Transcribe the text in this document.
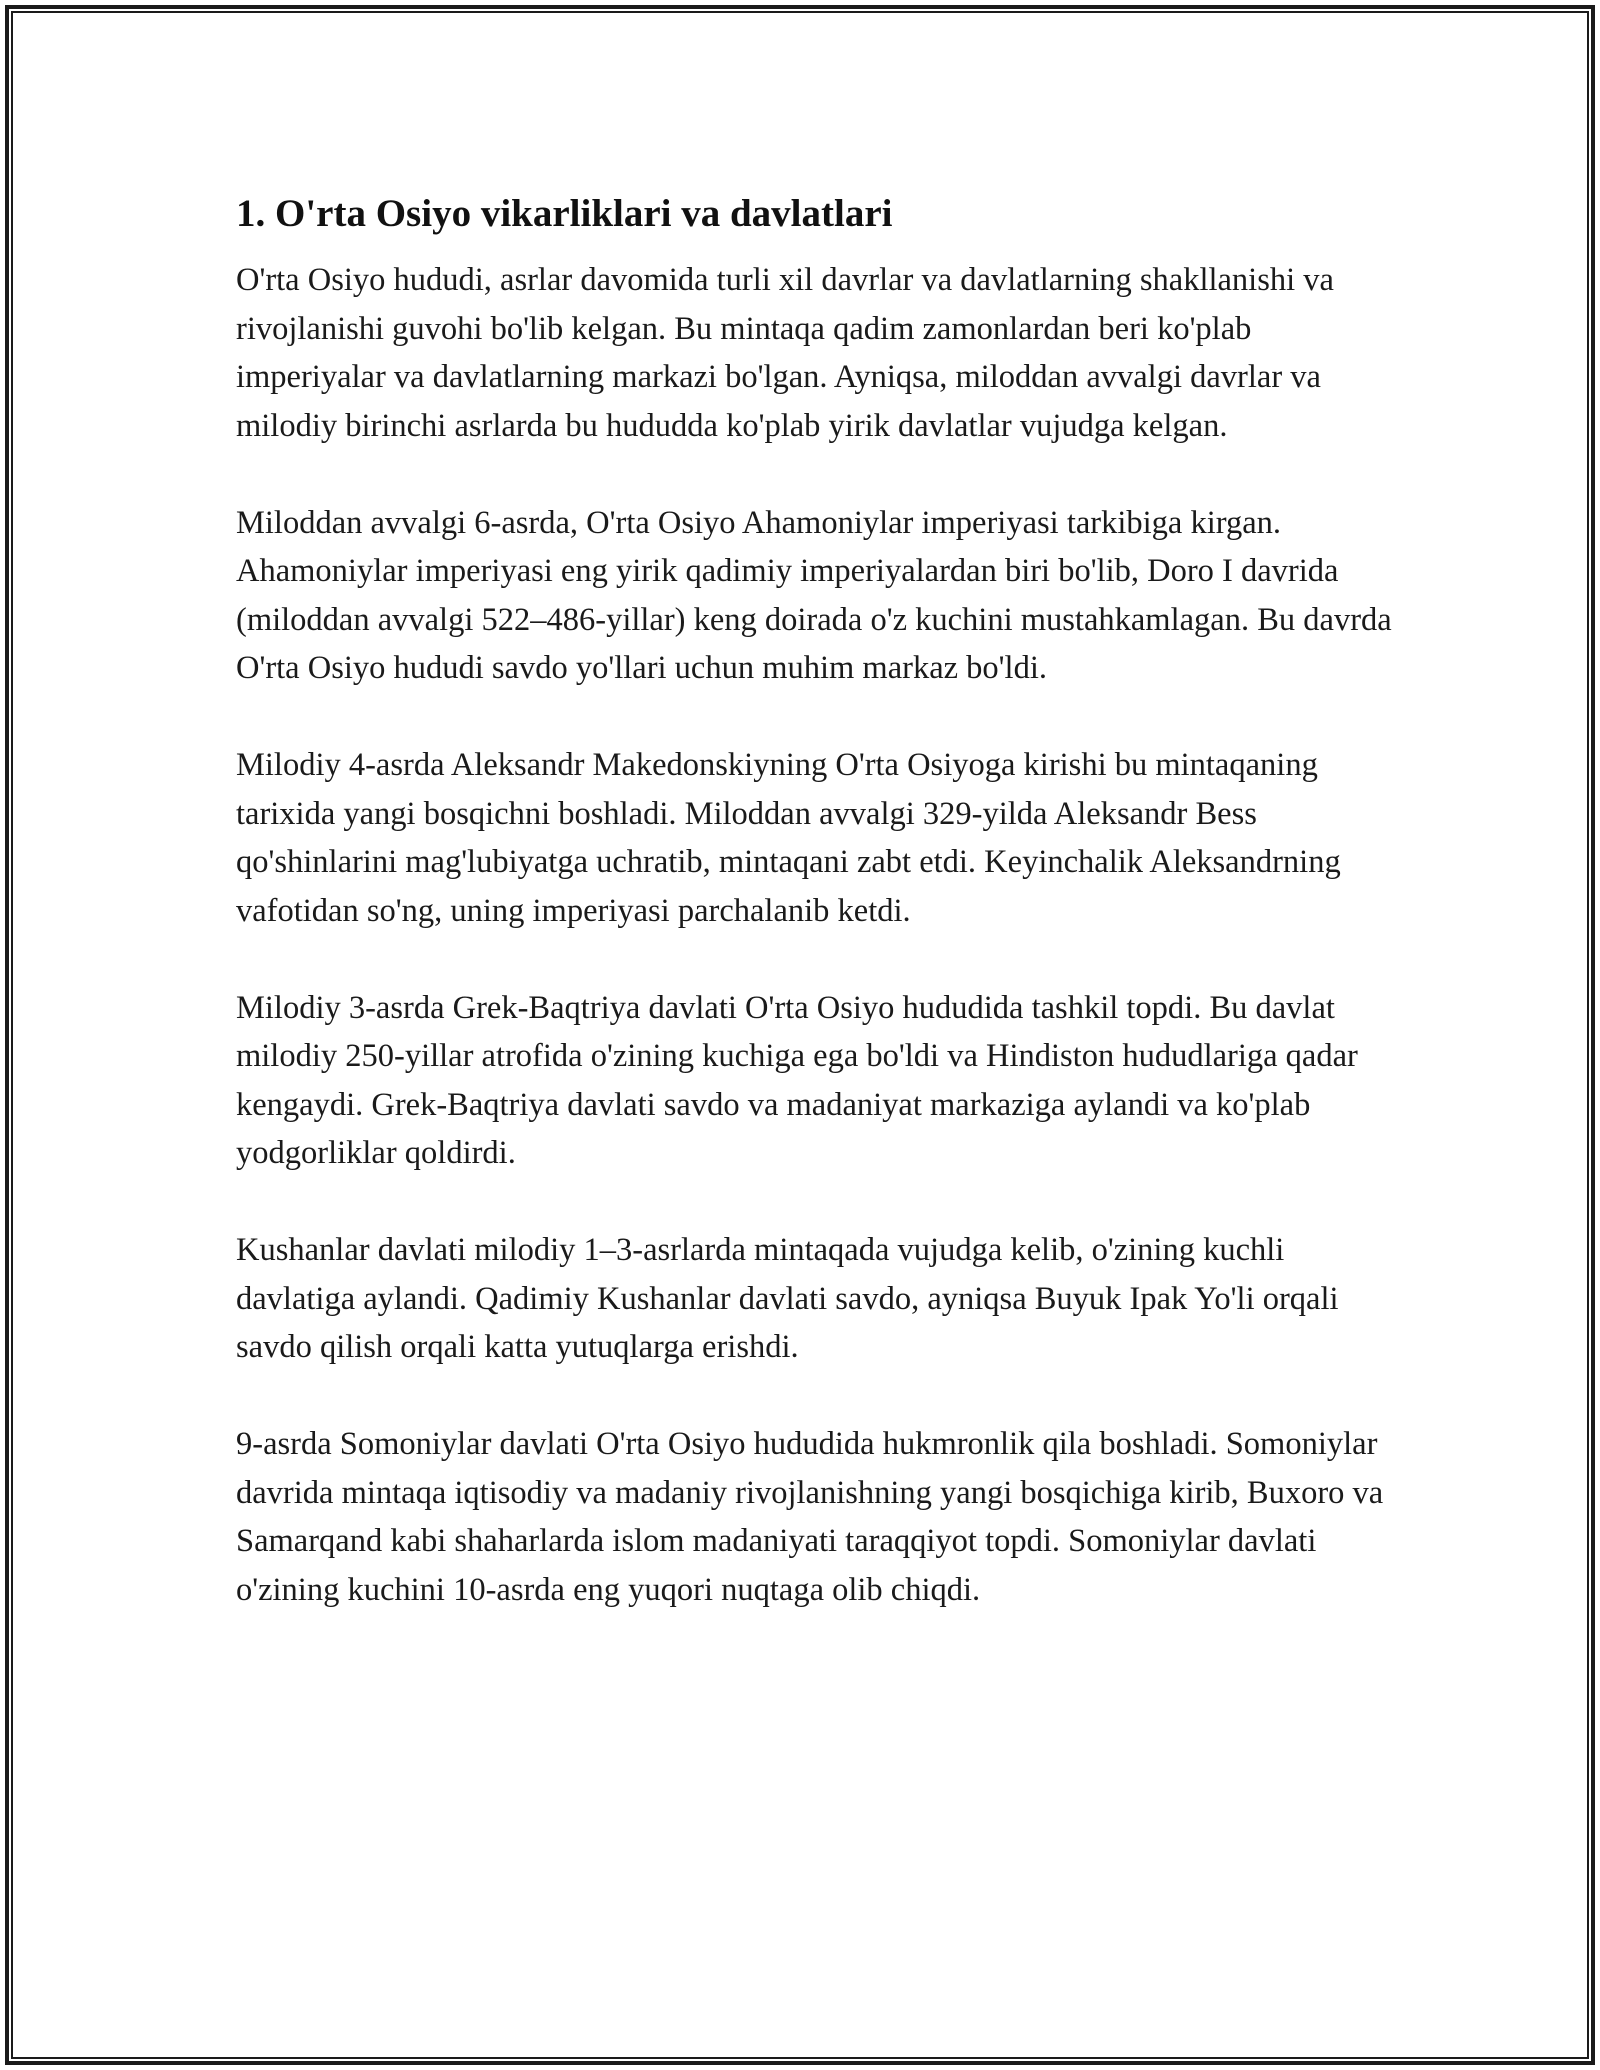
1. O'rta Osiyo vikarliklari va davlatlari

O'rta Osiyo hududi, asrlar davomida turli xil davrlar va davlatlarning shakllanishi va rivojlanishi guvohi bo'lib kelgan. Bu mintaqa qadim zamonlardan beri ko'plab imperiyalar va davlatlarning markazi bo'lgan. Ayniqsa, miloddan avvalgi davrlar va milodiy birinchi asrlarda bu hududda ko'plab yirik davlatlar vujudga kelgan.

Miloddan avvalgi 6-asrda, O'rta Osiyo Ahamoniylar imperiyasi tarkibiga kirgan. Ahamoniylar imperiyasi eng yirik qadimiy imperiyalardan biri bo'lib, Doro I davrida (miloddan avvalgi 522–486-yillar) keng doirada o'z kuchini mustahkamlagan. Bu davrda O'rta Osiyo hududi savdo yo'llari uchun muhim markaz bo'ldi.

Milodiy 4-asrda Aleksandr Makedonskiyning O'rta Osiyoga kirishi bu mintaqaning tarixida yangi bosqichni boshladi. Miloddan avvalgi 329-yilda Aleksandr Bess qo'shinlarini mag'lubiyatga uchratib, mintaqani zabt etdi. Keyinchalik Aleksandrning vafotidan so'ng, uning imperiyasi parchalanib ketdi.

Milodiy 3-asrda Grek-Baqtriya davlati O'rta Osiyo hududida tashkil topdi. Bu davlat milodiy 250-yillar atrofida o'zining kuchiga ega bo'ldi va Hindiston hududlariga qadar kengaydi. Grek-Baqtriya davlati savdo va madaniyat markaziga aylandi va ko'plab yodgorliklar qoldirdi.

Kushanlar davlati milodiy 1–3-asrlarda mintaqada vujudga kelib, o'zining kuchli davlatiga aylandi. Qadimiy Kushanlar davlati savdo, ayniqsa Buyuk Ipak Yo'li orqali savdo qilish orqali katta yutuqlarga erishdi.

9-asrda Somoniylar davlati O'rta Osiyo hududida hukmronlik qila boshladi. Somoniylar davrida mintaqa iqtisodiy va madaniy rivojlanishning yangi bosqichiga kirib, Buxoro va Samarqand kabi shaharlarda islom madaniyati taraqqiyot topdi. Somoniylar davlati o'zining kuchini 10-asrda eng yuqori nuqtaga olib chiqdi.
